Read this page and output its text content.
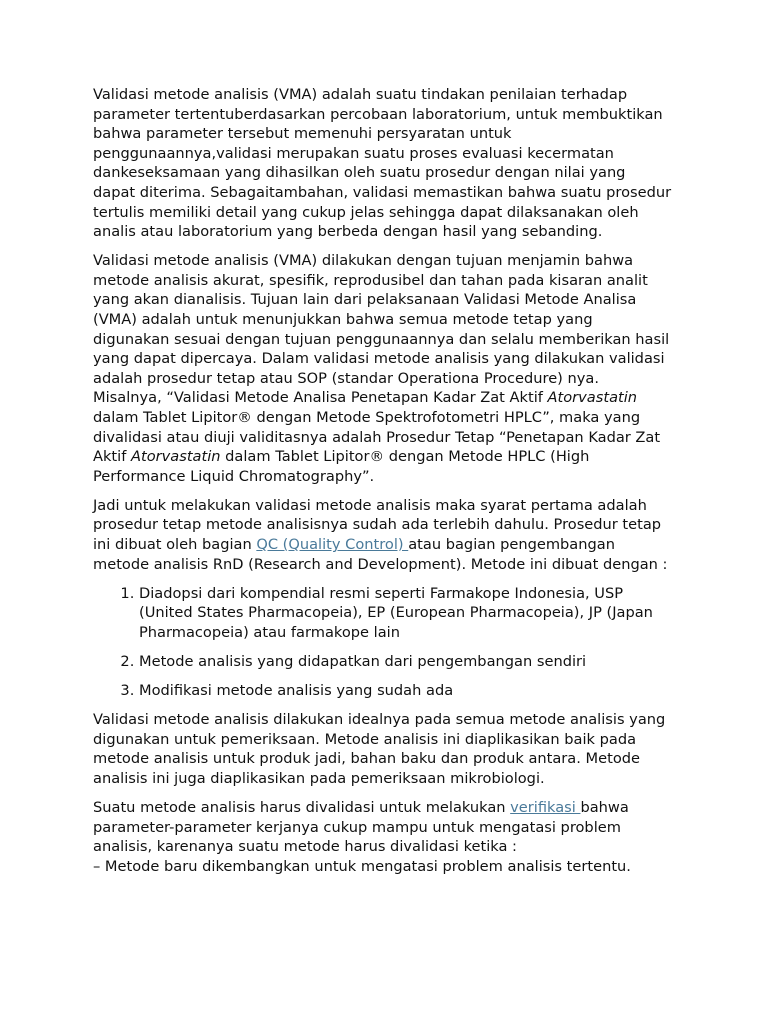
Validasi metode analisis (VMA) adalah suatu tindakan penilaian terhadap parameter tertentuberdasarkan percobaan laboratorium, untuk membuktikan bahwa parameter tersebut memenuhi persyaratan untuk penggunaannya,validasi merupakan suatu proses evaluasi kecermatan dankeseksamaan yang dihasilkan oleh suatu prosedur dengan nilai yang dapat diterima. Sebagaitambahan, validasi memastikan bahwa suatu prosedur tertulis memiliki detail yang cukup jelas sehingga dapat dilaksanakan oleh analis atau laboratorium yang berbeda dengan hasil yang sebanding.

Validasi metode analisis (VMA) dilakukan dengan tujuan menjamin bahwa metode analisis akurat, spesifik, reprodusibel dan tahan pada kisaran analit yang akan dianalisis. Tujuan lain dari pelaksanaan Validasi Metode Analisa (VMA) adalah untuk menunjukkan bahwa semua metode tetap yang digunakan sesuai dengan tujuan penggunaannya dan selalu memberikan hasil yang dapat dipercaya. Dalam validasi metode analisis yang dilakukan validasi adalah prosedur tetap atau SOP (standar Operationa Procedure) nya. Misalnya, “Validasi Metode Analisa Penetapan Kadar Zat Aktif Atorvastatin dalam Tablet Lipitor® dengan Metode Spektrofotometri HPLC”, maka yang divalidasi atau diuji validitasnya adalah Prosedur Tetap “Penetapan Kadar Zat Aktif Atorvastatin dalam Tablet Lipitor® dengan Metode HPLC (High Performance Liquid Chromatography”.

Jadi untuk melakukan validasi metode analisis maka syarat pertama adalah prosedur tetap metode analisisnya sudah ada terlebih dahulu. Prosedur tetap ini dibuat oleh bagian QC (Quality Control) atau bagian pengembangan metode analisis RnD (Research and Development). Metode ini dibuat dengan :

1. Diadopsi dari kompendial resmi seperti Farmakope Indonesia, USP (United States Pharmacopeia), EP (European Pharmacopeia), JP (Japan Pharmacopeia) atau farmakope lain
2. Metode analisis yang didapatkan dari pengembangan sendiri
3. Modifikasi metode analisis yang sudah ada

Validasi metode analisis dilakukan idealnya pada semua metode analisis yang digunakan untuk pemeriksaan. Metode analisis ini diaplikasikan baik pada metode analisis untuk produk jadi, bahan baku dan produk antara. Metode analisis ini juga diaplikasikan pada pemeriksaan mikrobiologi.

Suatu metode analisis harus divalidasi untuk melakukan verifikasi bahwa parameter-parameter kerjanya cukup mampu untuk mengatasi problem analisis, karenanya suatu metode harus divalidasi ketika :
– Metode baru dikembangkan untuk mengatasi problem analisis tertentu.
